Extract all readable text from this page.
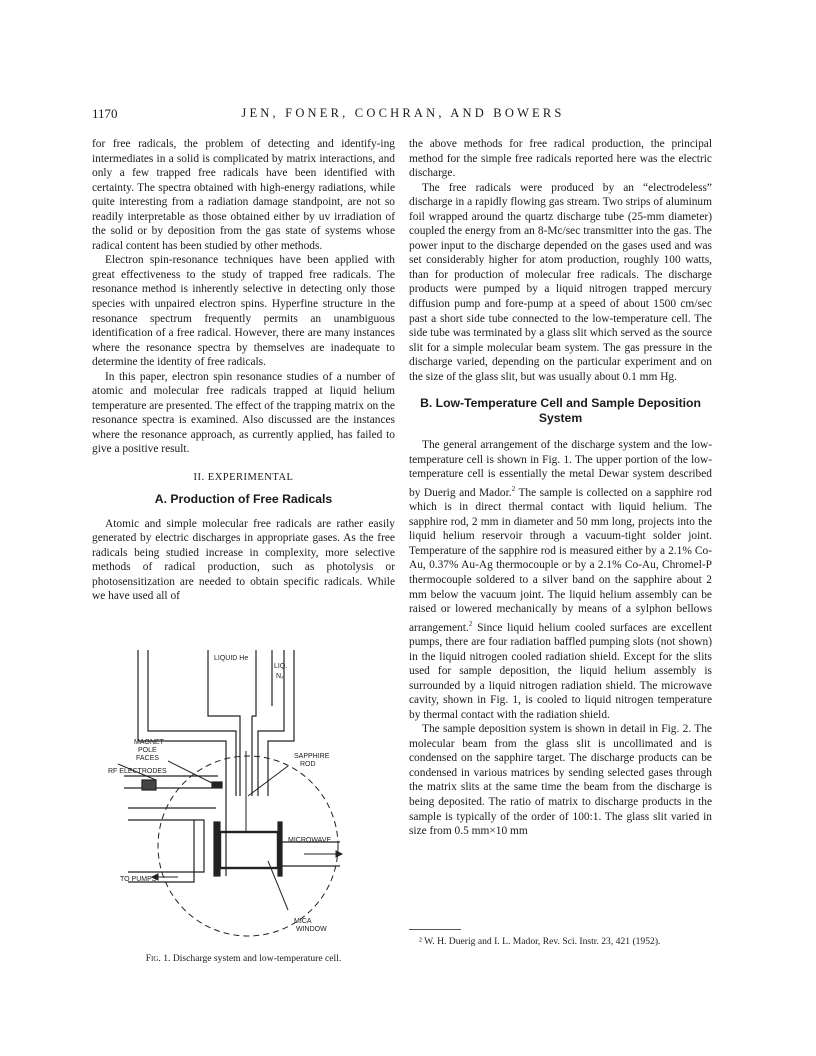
1170	JEN, FONER, COCHRAN, AND BOWERS

for free radicals, the problem of detecting and identify-ing intermediates in a solid is complicated by matrix interactions, and only a few trapped free radicals have been identified with certainty. The spectra obtained with high-energy radiations, while quite interesting from a radiation damage standpoint, are not so readily interpretable as those obtained either by uv irradiation of the solid or by deposition from the gas state of systems whose radical content has been studied by other methods.

Electron spin-resonance techniques have been applied with great effectiveness to the study of trapped free radicals. The resonance method is inherently selective in detecting only those species with unpaired electron spins. Hyperfine structure in the resonance spectrum frequently permits an unambiguous identification of a free radical. However, there are many instances where the resonance spectra by themselves are inadequate to determine the identity of free radicals.

In this paper, electron spin resonance studies of a number of atomic and molecular free radicals trapped at liquid helium temperature are presented. The effect of the trapping matrix on the resonance spectra is examined. Also discussed are the instances where the resonance approach, as currently applied, has failed to give a positive result.

II. EXPERIMENTAL
A. Production of Free Radicals

Atomic and simple molecular free radicals are rather easily generated by electric discharges in appropriate gases. As the free radicals being studied increase in complexity, more selective methods of radical production, such as photolysis or photosensitization are needed to obtain specific radicals. While we have used all of

LIQUID He
LIQ.
N₂
MAGNET
POLE
FACES	SAPPHIRE
ROD
RF ELECTRODES
MICROWAVE
TO PUMPS
MICA
WINDOW
Fig. 1. Discharge system and low-temperature cell.

the above methods for free radical production, the principal method for the simple free radicals reported here was the electric discharge.

The free radicals were produced by an “electrodeless” discharge in a rapidly flowing gas stream. Two strips of aluminum foil wrapped around the quartz discharge tube (25-mm diameter) coupled the energy from an 8-Mc/sec transmitter into the gas. The power input to the discharge depended on the gases used and was set considerably higher for atom production, roughly 100 watts, than for production of molecular free radicals. The discharge products were pumped by a liquid nitrogen trapped mercury diffusion pump and fore-pump at a speed of about 1500 cm/sec past a short side tube connected to the low-temperature cell. The side tube was terminated by a glass slit which served as the source slit for a simple molecular beam system. The gas pressure in the discharge varied, depending on the particular experiment and on the size of the glass slit, but was usually about 0.1 mm Hg.

B. Low-Temperature Cell and Sample Deposition System

The general arrangement of the discharge system and the low-temperature cell is shown in Fig. 1. The upper portion of the low-temperature cell is essentially the metal Dewar system described by Duerig and Mador.$^2$ The sample is collected on a sapphire rod which is in direct thermal contact with liquid helium. The sapphire rod, 2 mm in diameter and 50 mm long, projects into the liquid helium reservoir through a vacuum-tight solder joint. Temperature of the sapphire rod is measured either by a 2.1% Co-Au, 0.37% Au-Ag thermocouple or by a 2.1% Co-Au, Chromel-P thermocouple soldered to a silver band on the sapphire about 2 mm below the vacuum joint. The liquid helium assembly can be raised or lowered mechanically by means of a sylphon bellows arrangement.$^2$ Since liquid helium cooled surfaces are excellent pumps, there are four radiation baffled pumping slots (not shown) in the liquid nitrogen cooled radiation shield. Except for the slits used for sample deposition, the liquid helium assembly is surrounded by a liquid nitrogen radiation shield. The microwave cavity, shown in Fig. 1, is cooled to liquid nitrogen temperature by thermal contact with the radiation shield.

The sample deposition system is shown in detail in Fig. 2. The molecular beam from the glass slit is uncollimated and is condensed on the sapphire target. The discharge products can be condensed in various matrices by sending selected gases through the matrix slits at the same time the beam from the discharge is being deposited. The ratio of matrix to discharge products in the sample is typically of the order of 100:1. The glass slit varied in size from 0.5 mm×10 mm

² W. H. Duerig and I. L. Mador, Rev. Sci. Instr. 23, 421 (1952).
